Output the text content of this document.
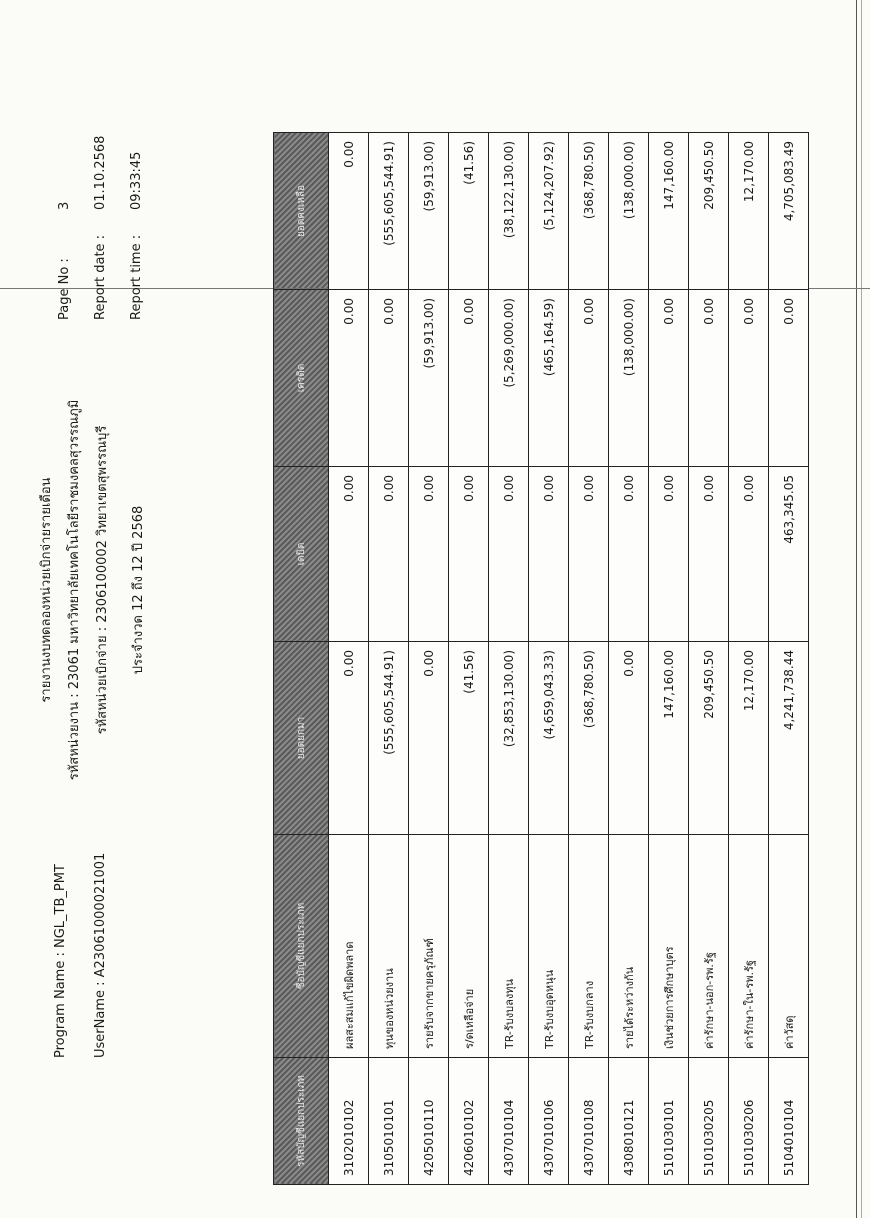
Program Name : NGL_TB_PMT UserName : A23061000021001
รายงานงบทดลองหน่วยเบิกจ่ายรายเดือน	รหัสหน่วยงาน : 23061 มหาวิทยาลัยเทคโนโลยีราชมงคลสุวรรณภูมิ	รหัสหน่วยเบิกจ่าย : 2306100002 วิทยาเขตสุพรรณบุรี	ประจำงวด 12 ถึง 12 ปี 2568
Page No :
3
Report date :
01.10.2568
Report time :
09:33:45
รหัสบัญชีแยกประเภท	ชื่อบัญชีแยกประเภท	ยอดยกมา	เดบิต	เครดิต	ยอดคงเหลือ
3102010102	ผลสะสมแก้ไขผิดพลาด	0.00	0.00	0.00	0.00
3105010101	ทุนของหน่วยงาน	(555,605,544.91)	0.00	0.00	(555,605,544.91)
4205010110	รายรับจากขายครุภัณฑ์	0.00	0.00	(59,913.00)	(59,913.00)
4206010102	ร/ดเหลือจ่าย	(41.56)	0.00	0.00	(41.56)
4307010104	TR-รับงบลงทุน	(32,853,130.00)	0.00	(5,269,000.00)	(38,122,130.00)
4307010106	TR-รับงบอุดหนุน	(4,659,043.33)	0.00	(465,164.59)	(5,124,207.92)
4307010108	TR-รับงบกลาง	(368,780.50)	0.00	0.00	(368,780.50)
4308010121	รายได้ระหว่างกัน	0.00	0.00	(138,000.00)	(138,000.00)
5101030101	เงินช่วยการศึกษาบุตร	147,160.00	0.00	0.00	147,160.00
5101030205	ค่ารักษา-นอก-รพ.รัฐ	209,450.50	0.00	0.00	209,450.50
5101030206	ค่ารักษา-ใน-รพ.รัฐ	12,170.00	0.00	0.00	12,170.00
5104010104	ค่าวัสดุ	4,241,738.44	463,345.05	0.00	4,705,083.49
